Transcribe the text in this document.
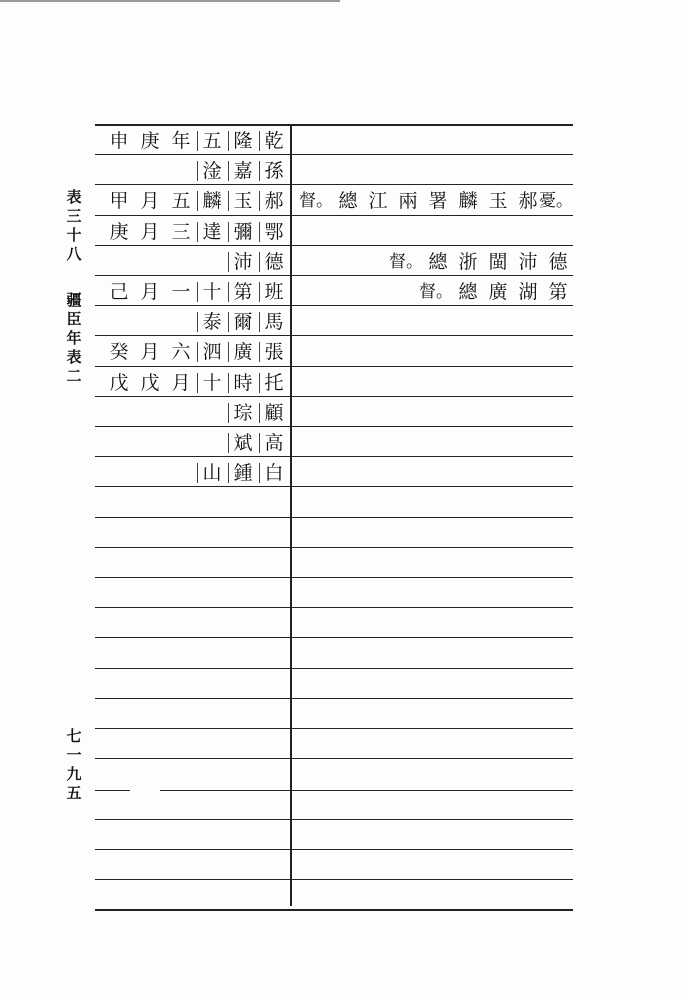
表
三
十
八
疆
臣
年
表
二
七
一
九
五
申 庚 年 五 隆 乾
淦 嘉 孫
甲 月 五 麟 玉 郝 督。 總 江 兩 署 麟 玉 郝 憂。
庚 月 三 達 彌 鄂
沛 德	督。 總 浙 閩 沛 德
己 月 一 十 第 班	督。 總 廣 湖 第
泰 爾 馬
癸 月 六 泗 廣 張
戊 戊 月 十 時 托
琮 顧
斌 高
山 鍾 白
